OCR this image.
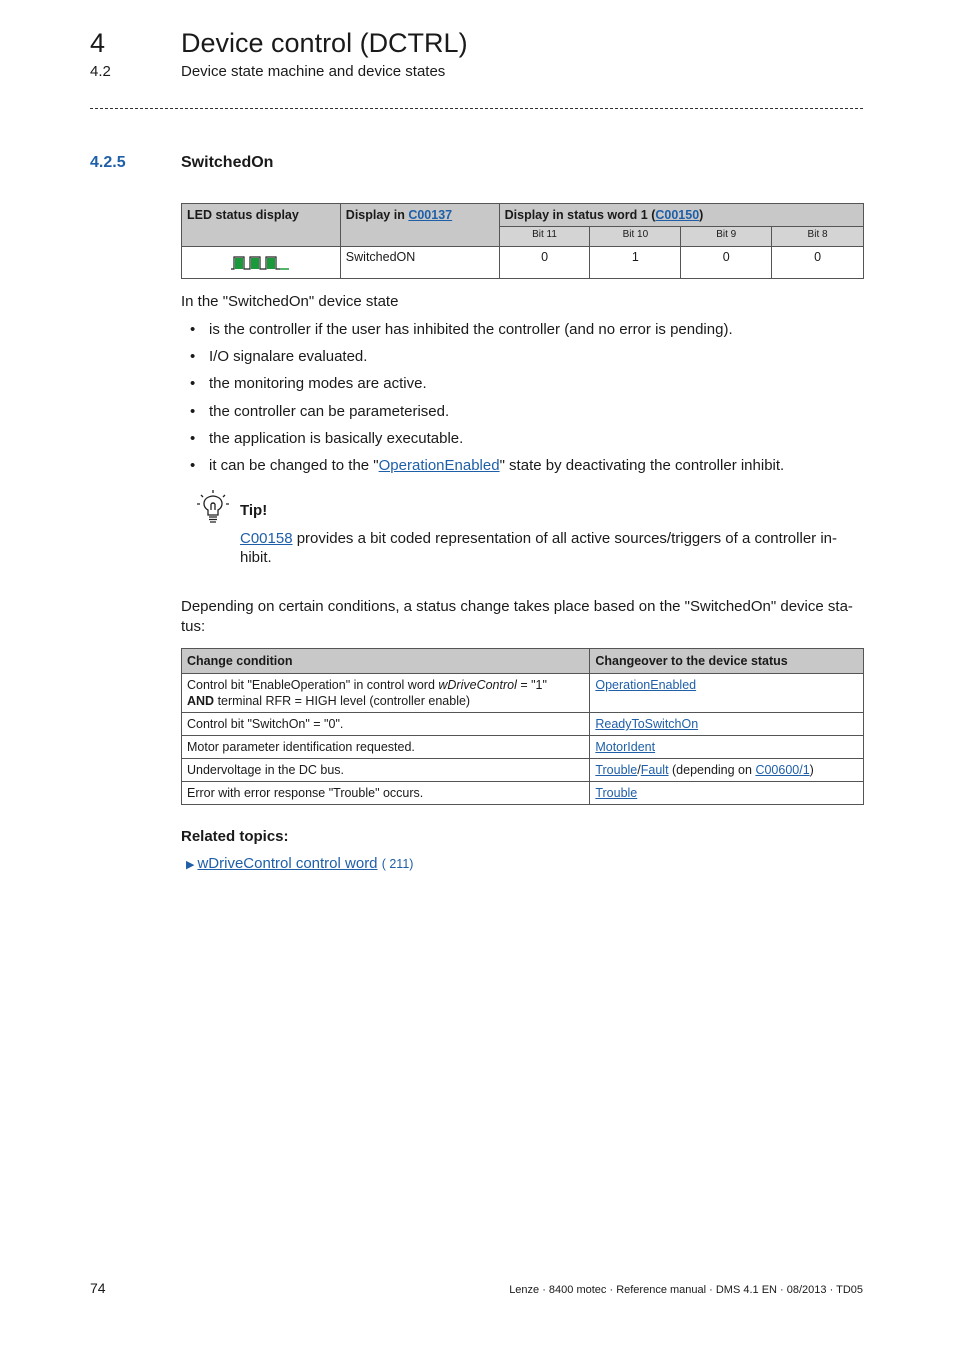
4	Device control (DCTRL)
4.2	Device state machine and device states
4.2.5	SwitchedOn
LED status display	Display in C00137	Display in status word 1 (C00150)			
		Bit 11	Bit 10	Bit 9	Bit 8
	SwitchedON	0	1	0	0
In the "SwitchedOn" device state
• is the controller if the user has inhibited the controller (and no error is pending).
• I/O signalare evaluated.
• the monitoring modes are active.
• the controller can be parameterised.
• the application is basically executable.
• it can be changed to the "OperationEnabled" state by deactivating the controller inhibit.
Tip!
C00158 provides a bit coded representation of all active sources/triggers of a controller in-hibit.
Depending on certain conditions, a status change takes place based on the "SwitchedOn" device sta-tus:
Change condition	Changeover to the device status
Control bit "EnableOperation" in control word wDriveControl = "1"
AND terminal RFR = HIGH level (controller enable)	OperationEnabled
Control bit "SwitchOn" = "0".	ReadyToSwitchOn
Motor parameter identification requested.	MotorIdent
Undervoltage in the DC bus.	Trouble/Fault (depending on C00600/1)
Error with error response "Trouble" occurs.	Trouble
Related topics:
▶ wDriveControl control word ( 211)
74	Lenze · 8400 motec · Reference manual · DMS 4.1 EN · 08/2013 · TD05
